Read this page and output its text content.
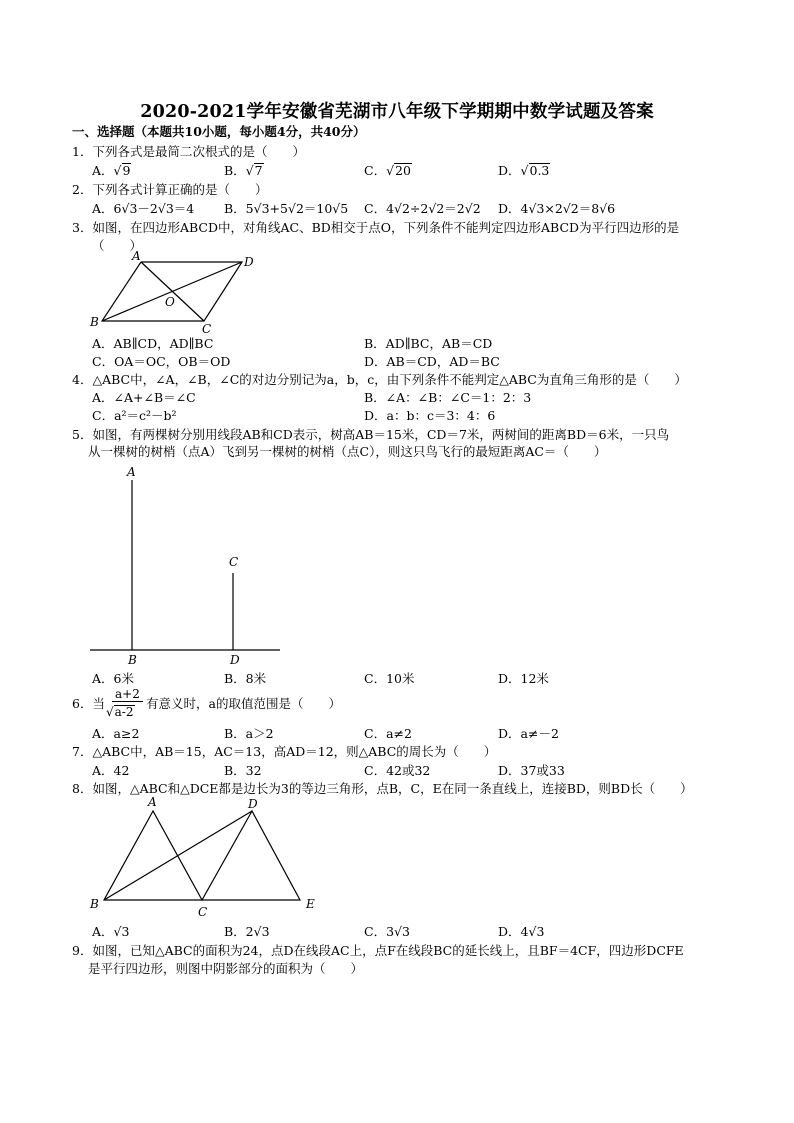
2020-2021学年安徽省芜湖市八年级下学期期中数学试题及答案
一、选择题（本题共10小题，每小题4分，共40分）
1．下列各式是最简二次根式的是（　　）
A．√9	B．√7	C．√20	D．√0.3
2．下列各式计算正确的是（　　）
A．6√3－2√3＝4 B．5√3+5√2＝10√5 C．4√2÷2√2＝2√2 D．4√3×2√2＝8√6
3．如图，在四边形ABCD中，对角线AC、BD相交于点O，下列条件不能判定四边形ABCD为平行四边形的是
（　　）
A	D
B	C
O
A．AB∥CD，AD∥BC	B．AD∥BC，AB＝CD
C．OA＝OC，OB＝OD	D．AB＝CD，AD＝BC
4．△ABC中，∠A，∠B，∠C的对边分别记为a，b，c，由下列条件不能判定△ABC为直角三角形的是（　　）
A．∠A+∠B＝∠C	B．∠A：∠B：∠C＝1：2：3
C．a²＝c²－b²	D．a：b：c＝3：4：6
5．如图，有两棵树分别用线段AB和CD表示，树高AB＝15米，CD＝7米，两树间的距离BD＝6米，一只鸟
从一棵树的树梢（点A）飞到另一棵树的树梢（点C），则这只鸟飞行的最短距离AC＝（　　）
A
C
B	D
A．6米	B．8米	C．10米	D．12米
6．当
a+2
√a-2
有意义时，a的取值范围是（　　）
A．a≥2	B．a＞2	C．a≠2	D．a≠－2
7．△ABC中，AB＝15，AC＝13，高AD＝12，则△ABC的周长为（　　）
A．42	B．32	C．42或32	D．37或33
8．如图，△ABC和△DCE都是边长为3的等边三角形，点B，C，E在同一条直线上，连接BD，则BD长（　　）
A	D
B
C
E
A．√3	B．2√3	C．3√3	D．4√3
9．如图，已知△ABC的面积为24，点D在线段AC上，点F在线段BC的延长线上，且BF＝4CF，四边形DCFE
是平行四边形，则图中阴影部分的面积为（　　）
